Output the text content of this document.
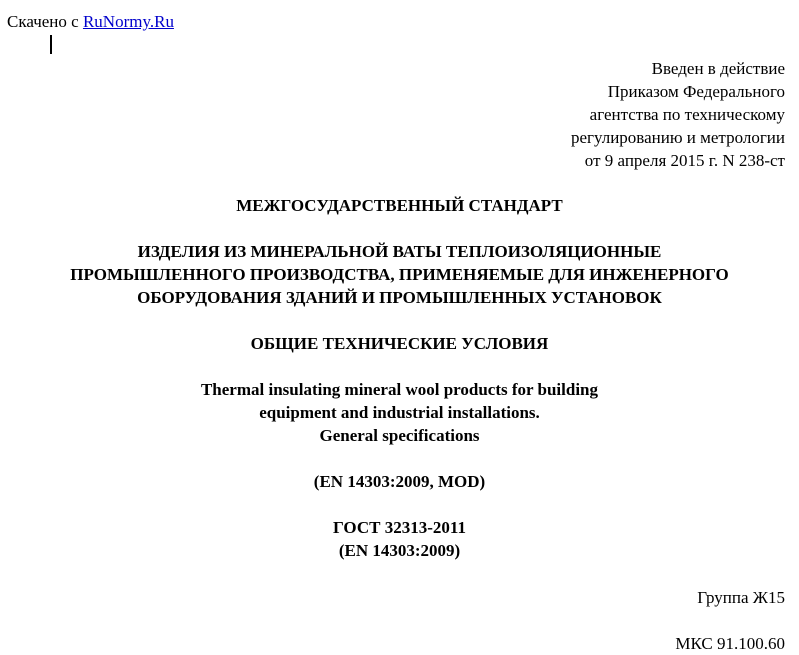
Скачено с RuNormy.Ru
Введен в действие
Приказом Федерального
агентства по техническому
регулированию и метрологии
от 9 апреля 2015 г. N 238-ст
МЕЖГОСУДАРСТВЕННЫЙ СТАНДАРТ
ИЗДЕЛИЯ ИЗ МИНЕРАЛЬНОЙ ВАТЫ ТЕПЛОИЗОЛЯЦИОННЫЕ
ПРОМЫШЛЕННОГО ПРОИЗВОДСТВА, ПРИМЕНЯЕМЫЕ ДЛЯ ИНЖЕНЕРНОГО
ОБОРУДОВАНИЯ ЗДАНИЙ И ПРОМЫШЛЕННЫХ УСТАНОВОК
ОБЩИЕ ТЕХНИЧЕСКИЕ УСЛОВИЯ
Thermal insulating mineral wool products for building
equipment and industrial installations.
General specifications
(EN 14303:2009, MOD)
ГОСТ 32313-2011
(EN 14303:2009)
Группа Ж15
МКС 91.100.60
